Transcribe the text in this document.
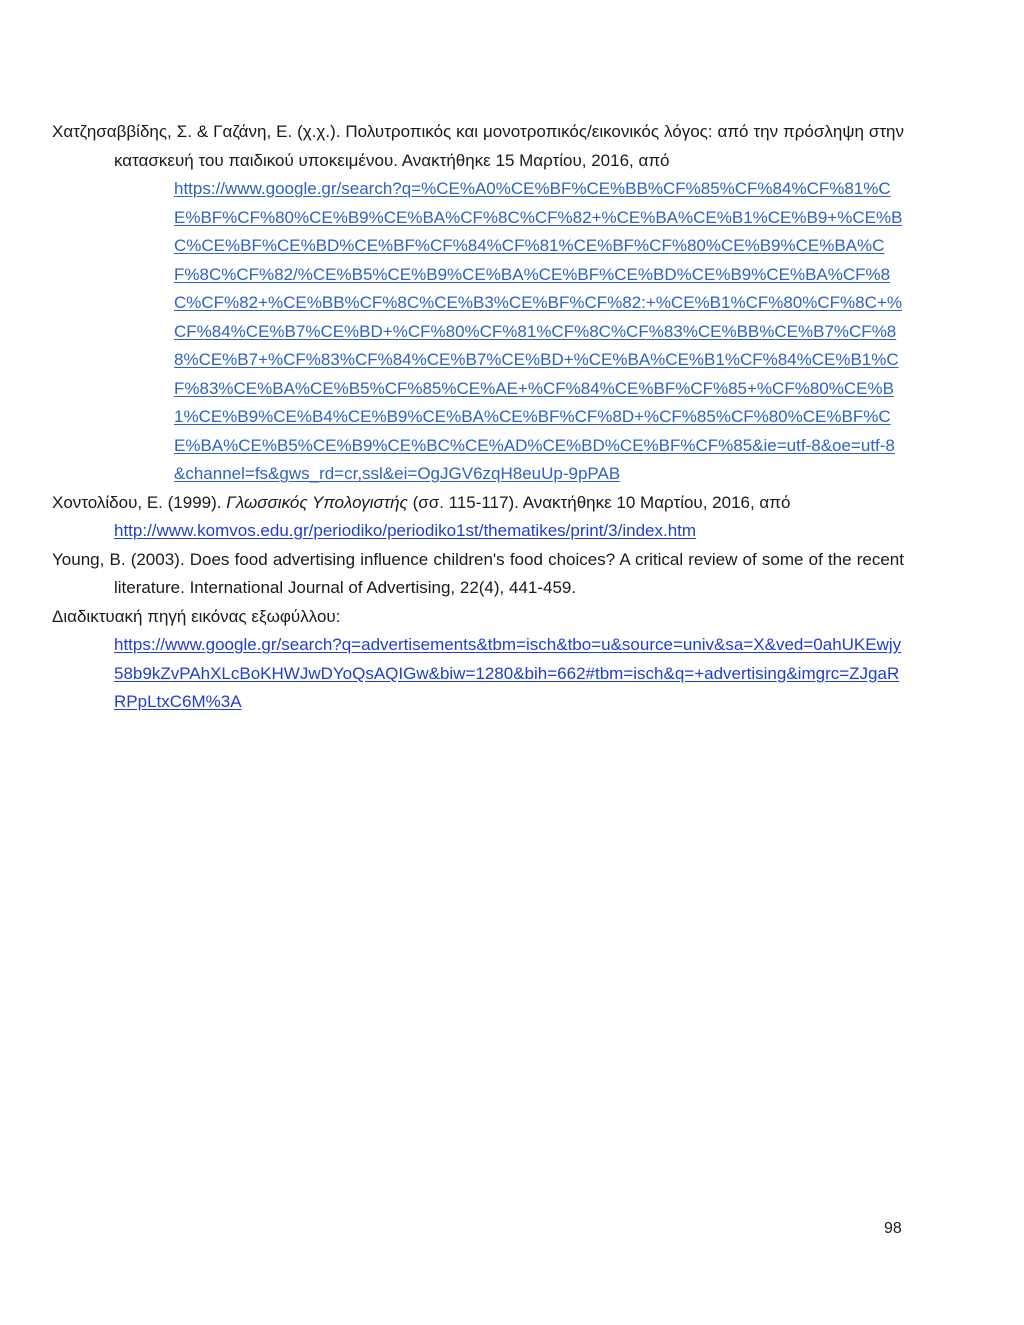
Χατζησαββίδης, Σ. & Γαζάνη, Ε. (χ.χ.). Πολυτροπικός και μονοτροπικός/εικονικός λόγος: από την πρόσληψη στην κατασκευή του παιδικού υποκειμένου. Ανακτήθηκε 15 Μαρτίου, 2016, από
https://www.google.gr/search?q=%CE%A0%CE%BF%CE%BB%CF%85%CF%84%CF%81%CE%BF%CF%80%CE%B9%CE%BA%CF%8C%CF%82+%CE%BA%CE%B1%CE%B9+%CE%BC%CE%BF%CE%BD%CE%BF%CF%84%CF%81%CE%BF%CF%80%CE%B9%CE%BA%CF%8C%CF%82/%CE%B5%CE%B9%CE%BA%CE%BF%CE%BD%CE%B9%CE%BA%CF%8C%CF%82+%CE%BB%CF%8C%CE%B3%CE%BF%CF%82:+%CE%B1%CF%80%CF%8C+%CF%84%CE%B7%CE%BD+%CF%80%CF%81%CF%8C%CF%83%CE%BB%CE%B7%CF%88%CE%B7+%CF%83%CF%84%CE%B7%CE%BD+%CE%BA%CE%B1%CF%84%CE%B1%CF%83%CE%BA%CE%B5%CF%85%CE%AE+%CF%84%CE%BF%CF%85+%CF%80%CE%B1%CE%B9%CE%B4%CE%B9%CE%BA%CE%BF%CF%8D+%CF%85%CF%80%CE%BF%CE%BA%CE%B5%CE%B9%CE%BC%CE%AD%CE%BD%CE%BF%CF%85&ie=utf-8&oe=utf-8&channel=fs&gws_rd=cr,ssl&ei=OgJGV6zqH8euUp-9pPAB

Χοντολίδου, Ε. (1999). Γλωσσικός Υπολογιστής (σσ. 115-117). Ανακτήθηκε 10 Μαρτίου, 2016, από
http://www.komvos.edu.gr/periodiko/periodiko1st/thematikes/print/3/index.htm

Young, B. (2003). Does food advertising influence children's food choices? A critical review of some of the recent literature. International Journal of Advertising, 22(4), 441-459.

Διαδικτυακή πηγή εικόνας εξωφύλλου:
https://www.google.gr/search?q=advertisements&tbm=isch&tbo=u&source=univ&sa=X&ved=0ahUKEwjy58b9kZvPAhXLcBoKHWJwDYoQsAQIGw&biw=1280&bih=662#tbm=isch&q=+advertising&imgrc=ZJgaRRPpLtxC6M%3A

98
